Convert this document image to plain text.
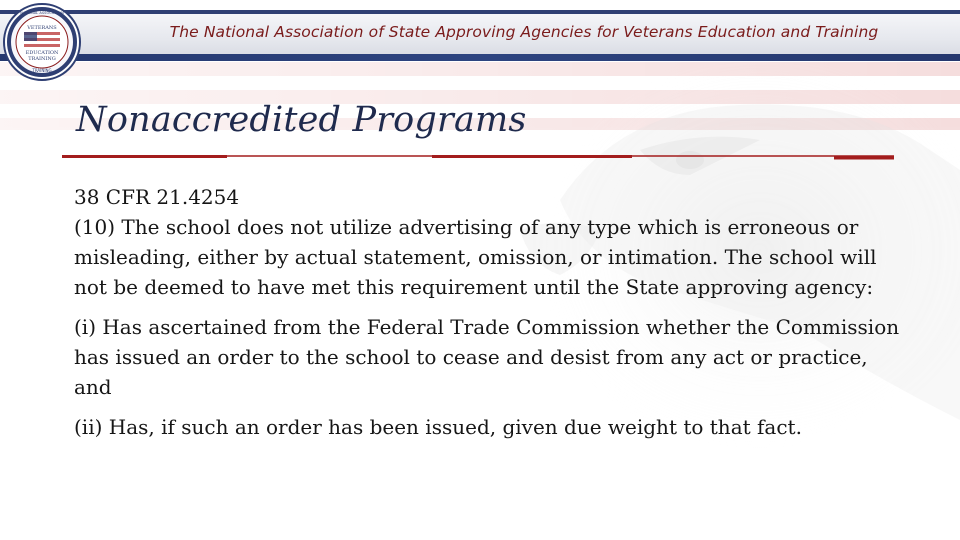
The National Association of State Approving Agencies for Veterans Education and Training
VETERANS
EDUCATION
TRAINING
NATIONAL ASSOCIATION
TRAINING
Nonaccredited Programs

38 CFR 21.4254

(10) The school does not utilize advertising of any type which is erroneous or misleading, either by actual statement, omission, or intimation. The school will not be deemed to have met this requirement until the State approving agency:

(i) Has ascertained from the Federal Trade Commission whether the Commission has issued an order to the school to cease and desist from any act or practice, and

(ii) Has, if such an order has been issued, given due weight to that fact.
